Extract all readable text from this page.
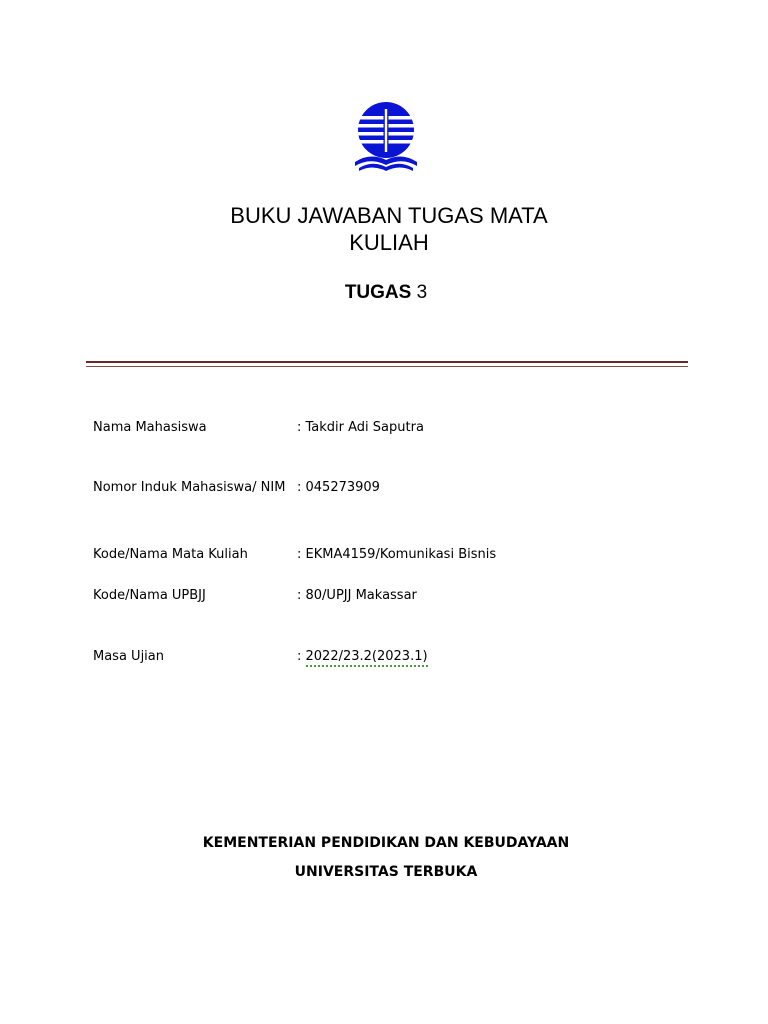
BUKU JAWABAN TUGAS MATA
KULIAH
TUGAS 3
Nama Mahasiswa	: Takdir Adi Saputra
Nomor Induk Mahasiswa/ NIM : 045273909
Kode/Nama Mata Kuliah	: EKMA4159/Komunikasi Bisnis
Kode/Nama UPBJJ	: 80/UPJJ Makassar
Masa Ujian	: 2022/23.2(2023.1)
KEMENTERIAN PENDIDIKAN DAN KEBUDAYAAN
UNIVERSITAS TERBUKA
